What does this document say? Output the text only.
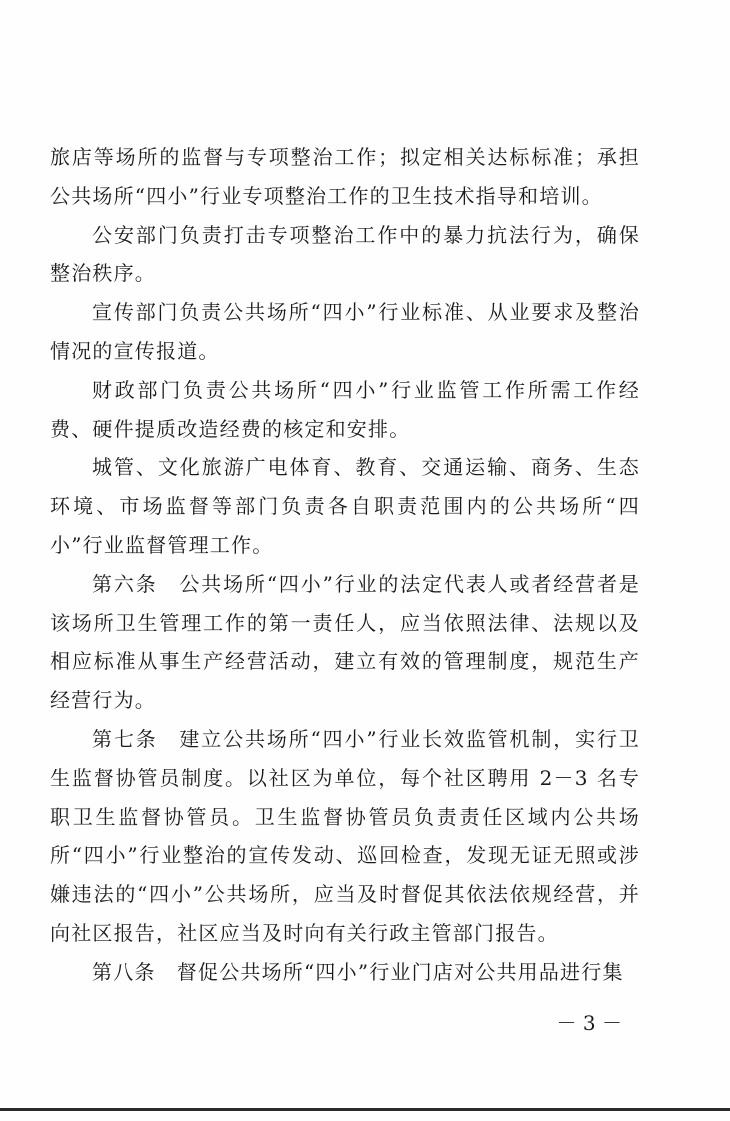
旅店等场所的监督与专项整治工作；拟定相关达标标准；承担公共场所“四小”行业专项整治工作的卫生技术指导和培训。

公安部门负责打击专项整治工作中的暴力抗法行为，确保整治秩序。

宣传部门负责公共场所“四小”行业标准、从业要求及整治情况的宣传报道。

财政部门负责公共场所“四小”行业监管工作所需工作经费、硬件提质改造经费的核定和安排。

城管、文化旅游广电体育、教育、交通运输、商务、生态环境、市场监督等部门负责各自职责范围内的公共场所“四小”行业监督管理工作。

第六条　公共场所“四小”行业的法定代表人或者经营者是该场所卫生管理工作的第一责任人，应当依照法律、法规以及相应标准从事生产经营活动，建立有效的管理制度，规范生产经营行为。

第七条　建立公共场所“四小”行业长效监管机制，实行卫生监督协管员制度。以社区为单位，每个社区聘用 2－3 名专职卫生监督协管员。卫生监督协管员负责责任区域内公共场所“四小”行业整治的宣传发动、巡回检查，发现无证无照或涉嫌违法的“四小”公共场所，应当及时督促其依法依规经营，并向社区报告，社区应当及时向有关行政主管部门报告。

第八条　督促公共场所“四小”行业门店对公共用品进行集

－ 3 －
